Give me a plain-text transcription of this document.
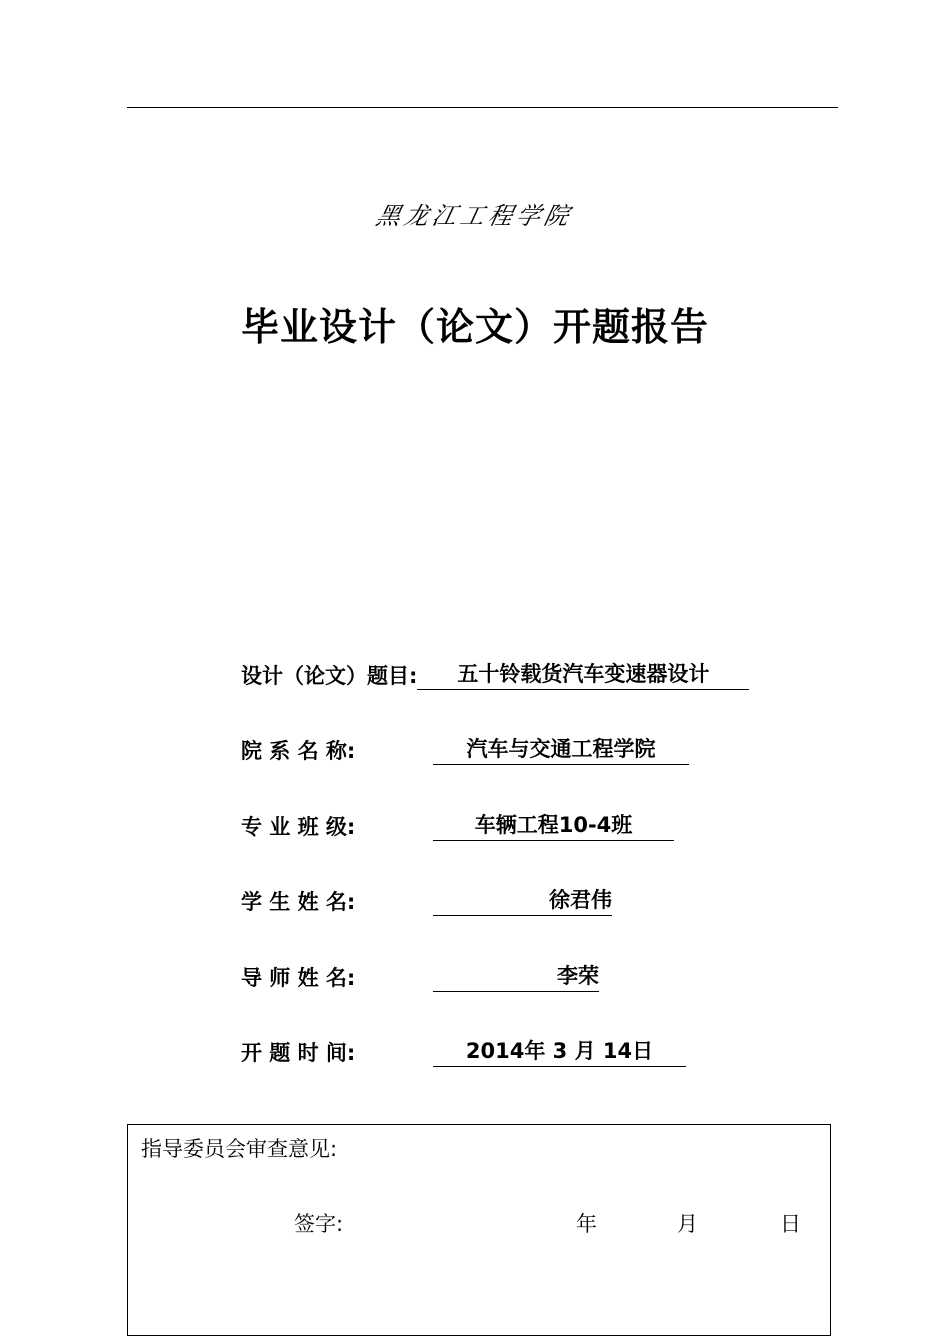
黑龙江工程学院
毕业设计（论文）开题报告
设计（论文）题目: 五十铃载货汽车变速器设计
院 系 名 称:	汽车与交通工程学院
专 业 班 级:	车辆工程10-4班
学 生 姓 名:	徐君伟
导 师 姓 名:	李荣
开 题 时 间:	2014年 3 月 14日
指导委员会审查意见:
签字:	年	月	日
